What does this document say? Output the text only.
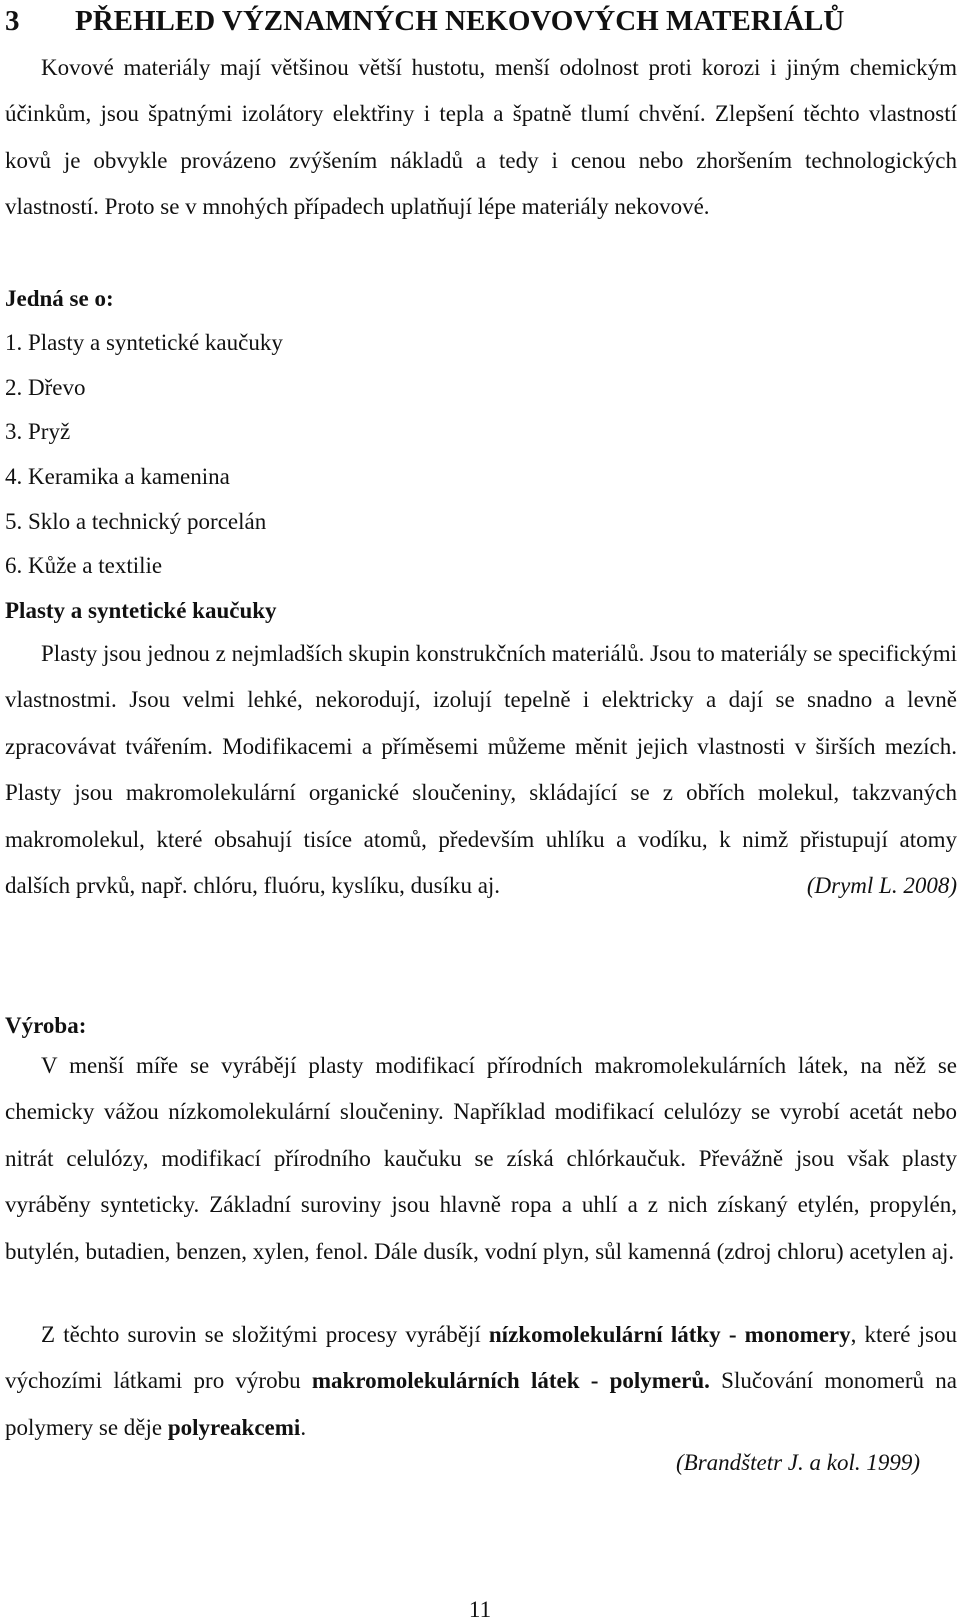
3 PŘEHLED VÝZNAMNÝCH NEKOVOVÝCH MATERIÁLŮ

Kovové materiály mají většinou větší hustotu, menší odolnost proti korozi i jiným chemickým účinkům, jsou špatnými izolátory elektřiny i tepla a špatně tlumí chvění. Zlepšení těchto vlastností kovů je obvykle provázeno zvýšením nákladů a tedy i cenou nebo zhoršením technologických vlastností. Proto se v mnohých případech uplatňují lépe materiály nekovové.

Jedná se o:

1. Plasty a syntetické kaučuky
2. Dřevo
3. Pryž
4. Keramika a kamenina
5. Sklo a technický porcelán
6. Kůže a textilie

Plasty a syntetické kaučuky

Plasty jsou jednou z nejmladších skupin konstrukčních materiálů. Jsou to materiály se specifickými vlastnostmi. Jsou velmi lehké, nekorodují, izolují tepelně i elektricky a dají se snadno a levně zpracovávat tvářením. Modifikacemi a příměsemi můžeme měnit jejich vlastnosti v širších mezích. Plasty jsou makromolekulární organické sloučeniny, skládající se z obřích molekul, takzvaných makromolekul, které obsahují tisíce atomů, především uhlíku a vodíku, k nimž přistupují atomy dalších prvků, např. chlóru, fluóru, kyslíku, dusíku aj.	(Dryml L. 2008)

Výroba:

V menší míře se vyrábějí plasty modifikací přírodních makromolekulárních látek, na něž se chemicky vážou nízkomolekulární sloučeniny. Například modifikací celulózy se vyrobí acetát nebo nitrát celulózy, modifikací přírodního kaučuku se získá chlórkaučuk. Převážně jsou však plasty vyráběny synteticky. Základní suroviny jsou hlavně ropa a uhlí a z nich získaný etylén, propylén, butylén, butadien, benzen, xylen, fenol. Dále dusík, vodní plyn, sůl kamenná (zdroj chloru) acetylen aj.

Z těchto surovin se složitými procesy vyrábějí nízkomolekulární látky - monomery, které jsou výchozími látkami pro výrobu makromolekulárních látek - polymerů. Slučování monomerů na polymery se děje polyreakcemi.

(Brandštetr J. a kol. 1999)

11
